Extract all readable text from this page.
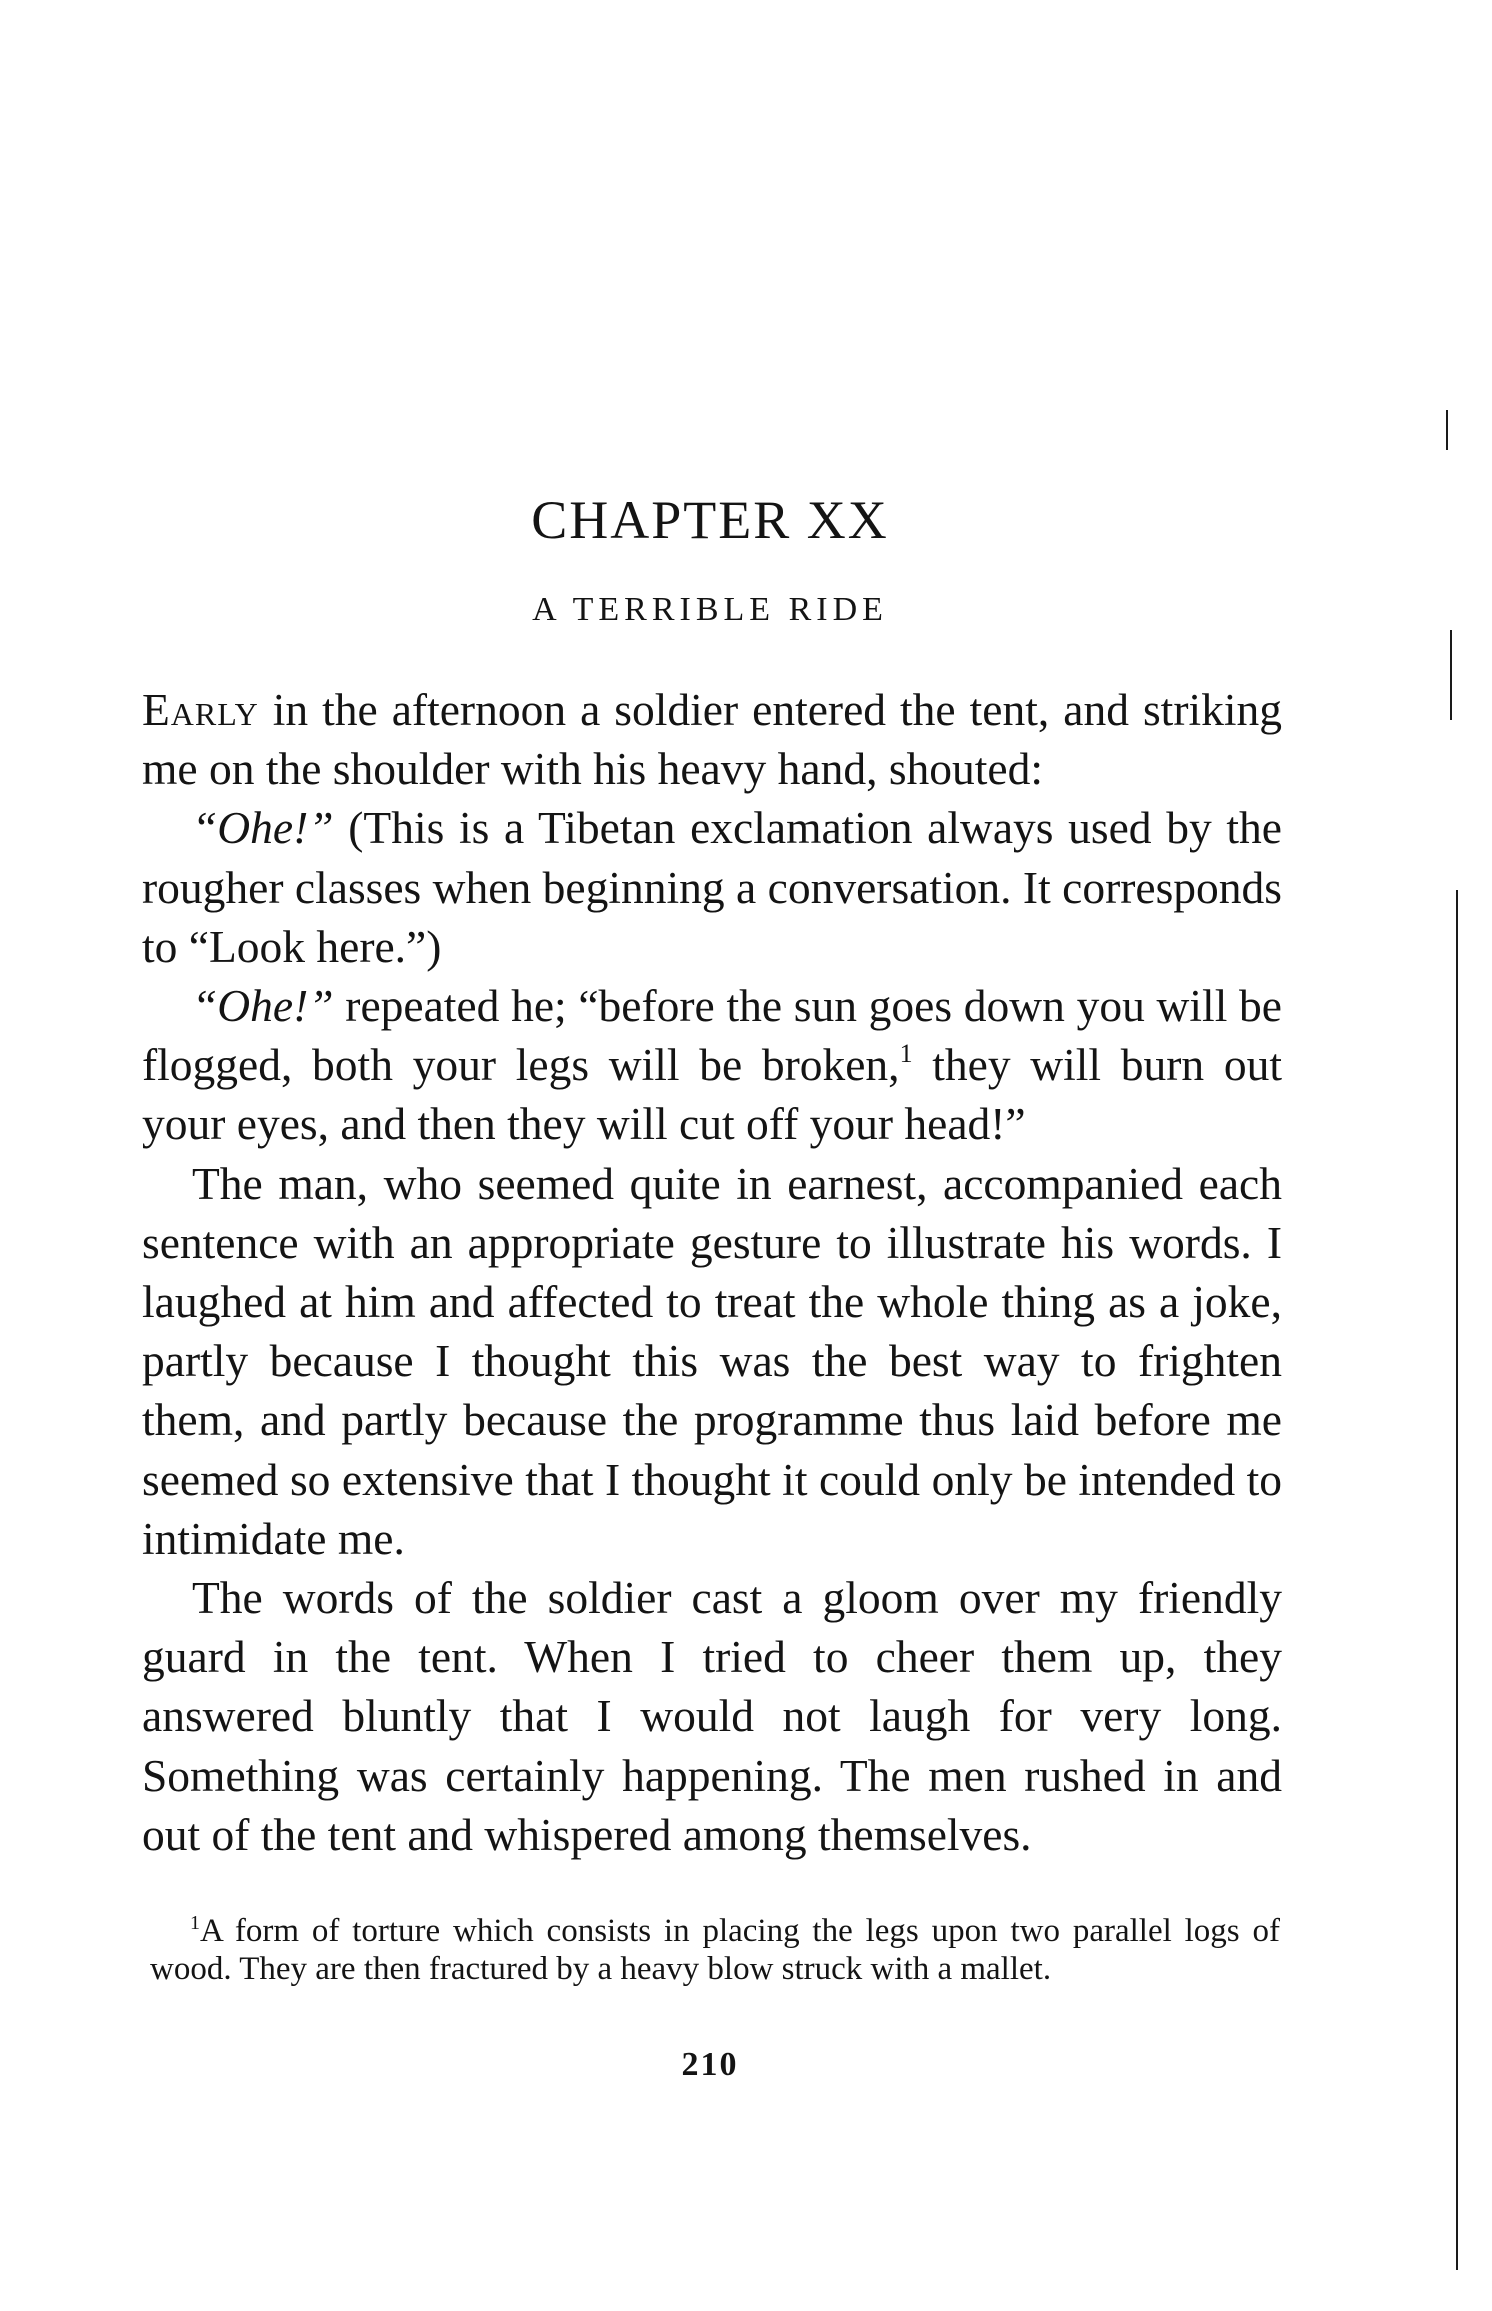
CHAPTER XX
A TERRIBLE RIDE

Early in the afternoon a soldier entered the tent, and striking me on the shoulder with his heavy hand, shouted:

“Ohe!” (This is a Tibetan exclamation always used by the rougher classes when beginning a conversation. It corresponds to “Look here.”)

“Ohe!” repeated he; “before the sun goes down you will be flogged, both your legs will be broken,$^1$ they will burn out your eyes, and then they will cut off your head!”

The man, who seemed quite in earnest, accompanied each sentence with an appropriate gesture to illustrate his words. I laughed at him and affected to treat the whole thing as a joke, partly because I thought this was the best way to frighten them, and partly because the programme thus laid before me seemed so extensive that I thought it could only be intended to intimidate me.

The words of the soldier cast a gloom over my friendly guard in the tent. When I tried to cheer them up, they answered bluntly that I would not laugh for very long. Something was certainly happening. The men rushed in and out of the tent and whispered among themselves.

$^1$A form of torture which consists in placing the legs upon two parallel logs of wood. They are then fractured by a heavy blow struck with a mallet.

210
